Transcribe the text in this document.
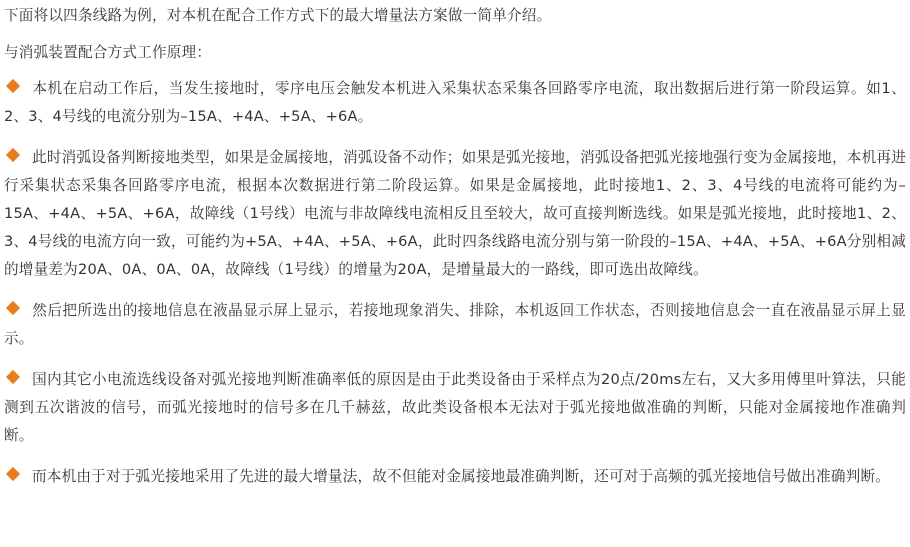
下面将以四条线路为例，对本机在配合工作方式下的最大增量法方案做一简单介绍。

与消弧装置配合方式工作原理：

本机在启动工作后，当发生接地时，零序电压会触发本机进入采集状态采集各回路零序电流，取出数据后进行第一阶段运算。如1、2、3、4号线的电流分别为–15A、+4A、+5A、+6A。

此时消弧设备判断接地类型，如果是金属接地，消弧设备不动作；如果是弧光接地，消弧设备把弧光接地强行变为金属接地，本机再进行采集状态采集各回路零序电流，根据本次数据进行第二阶段运算。如果是金属接地，此时接地1、2、3、4号线的电流将可能约为–15A、+4A、+5A、+6A，故障线（1号线）电流与非故障线电流相反且至较大，故可直接判断选线。如果是弧光接地，此时接地1、2、3、4号线的电流方向一致，可能约为+5A、+4A、+5A、+6A，此时四条线路电流分别与第一阶段的–15A、+4A、+5A、+6A分别相减的增量差为20A、0A、0A、0A，故障线（1号线）的增量为20A，是增量最大的一路线，即可选出故障线。

然后把所选出的接地信息在液晶显示屏上显示，若接地现象消失、排除，本机返回工作状态，否则接地信息会一直在液晶显示屏上显示。

国内其它小电流选线设备对弧光接地判断准确率低的原因是由于此类设备由于采样点为20点/20ms左右，又大多用傅里叶算法，只能测到五次谐波的信号，而弧光接地时的信号多在几千赫兹，故此类设备根本无法对于弧光接地做准确的判断，只能对金属接地作准确判断。

而本机由于对于弧光接地采用了先进的最大增量法，故不但能对金属接地最准确判断，还可对于高频的弧光接地信号做出准确判断。
